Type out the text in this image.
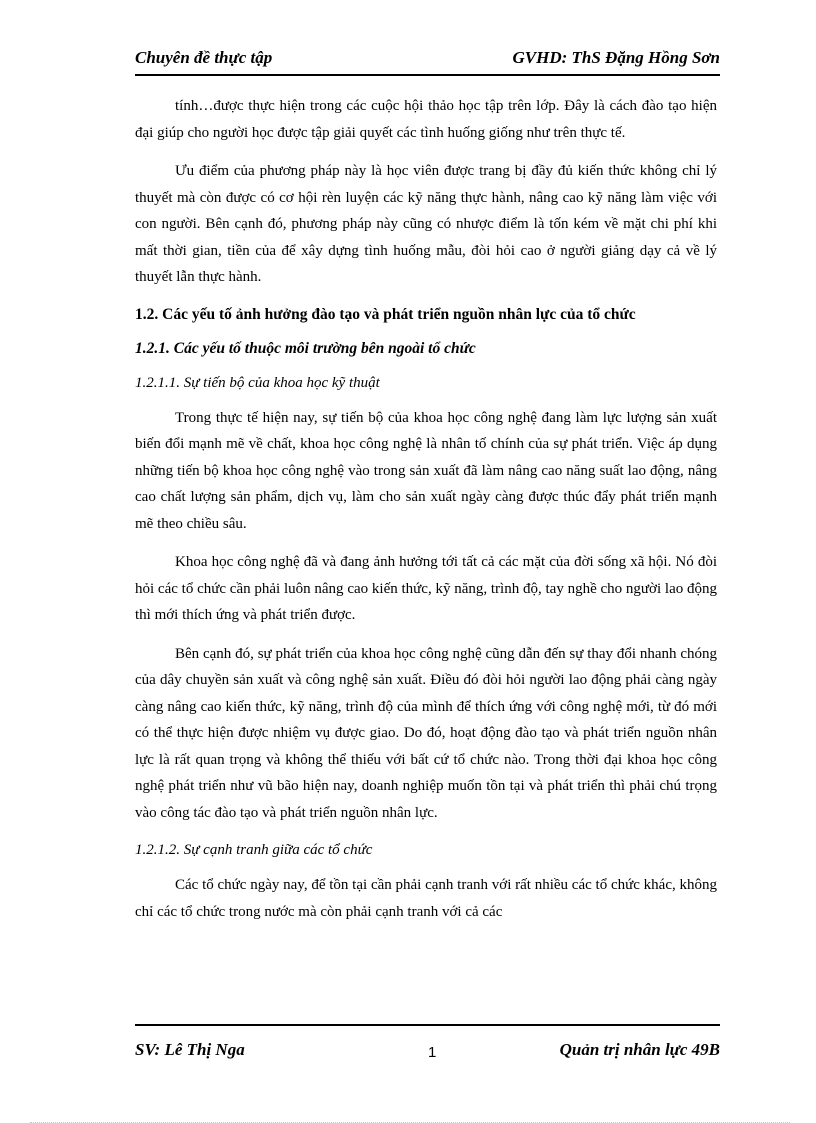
Chuyên đề thực tập	GVHD: ThS Đặng Hồng Sơn

tính…được thực hiện trong các cuộc hội thảo học tập trên lớp. Đây là cách đào tạo hiện đại giúp cho người học được tập giải quyết các tình huống giống như trên thực tế.

Ưu điểm của phương pháp này là học viên được trang bị đầy đủ kiến thức không chỉ lý thuyết mà còn được có cơ hội rèn luyện các kỹ năng thực hành, nâng cao kỹ năng làm việc với con người. Bên cạnh đó, phương pháp này cũng có nhược điểm là tốn kém về mặt chi phí khi mất thời gian, tiền của để xây dựng tình huống mẫu, đòi hỏi cao ở người giảng dạy cả về lý thuyết lẫn thực hành.

1.2. Các yếu tố ảnh hưởng đào tạo và phát triển nguồn nhân lực của tổ chức
1.2.1. Các yếu tố thuộc môi trường bên ngoài tổ chức
1.2.1.1. Sự tiến bộ của khoa học kỹ thuật

Trong thực tế hiện nay, sự tiến bộ của khoa học công nghệ đang làm lực lượng sản xuất biến đổi mạnh mẽ về chất, khoa học công nghệ là nhân tố chính của sự phát triển. Việc áp dụng những tiến bộ khoa học công nghệ vào trong sản xuất đã làm nâng cao năng suất lao động, nâng cao chất lượng sản phẩm, dịch vụ, làm cho sản xuất ngày càng được thúc đẩy phát triển mạnh mẽ theo chiều sâu.

Khoa học công nghệ đã và đang ảnh hưởng tới tất cả các mặt của đời sống xã hội. Nó đòi hỏi các tổ chức cần phải luôn nâng cao kiến thức, kỹ năng, trình độ, tay nghề cho người lao động thì mới thích ứng và phát triển được.

Bên cạnh đó, sự phát triển của khoa học công nghệ cũng dẫn đến sự thay đổi nhanh chóng của dây chuyền sản xuất và công nghệ sản xuất. Điều đó đòi hỏi người lao động phải càng ngày càng nâng cao kiến thức, kỹ năng, trình độ của mình để thích ứng với công nghệ mới, từ đó mới có thể thực hiện được nhiệm vụ được giao. Do đó, hoạt động đào tạo và phát triển nguồn nhân lực là rất quan trọng và không thể thiếu với bất cứ tổ chức nào. Trong thời đại khoa học công nghệ phát triển như vũ bão hiện nay, doanh nghiệp muốn tồn tại và phát triển thì phải chú trọng vào công tác đào tạo và phát triển nguồn nhân lực.

1.2.1.2. Sự cạnh tranh giữa các tổ chức

Các tổ chức ngày nay, để tồn tại cần phải cạnh tranh với rất nhiều các tổ chức khác, không chỉ các tổ chức trong nước mà còn phải cạnh tranh với cả các

SV: Lê Thị Nga	1	Quản trị nhân lực 49B
